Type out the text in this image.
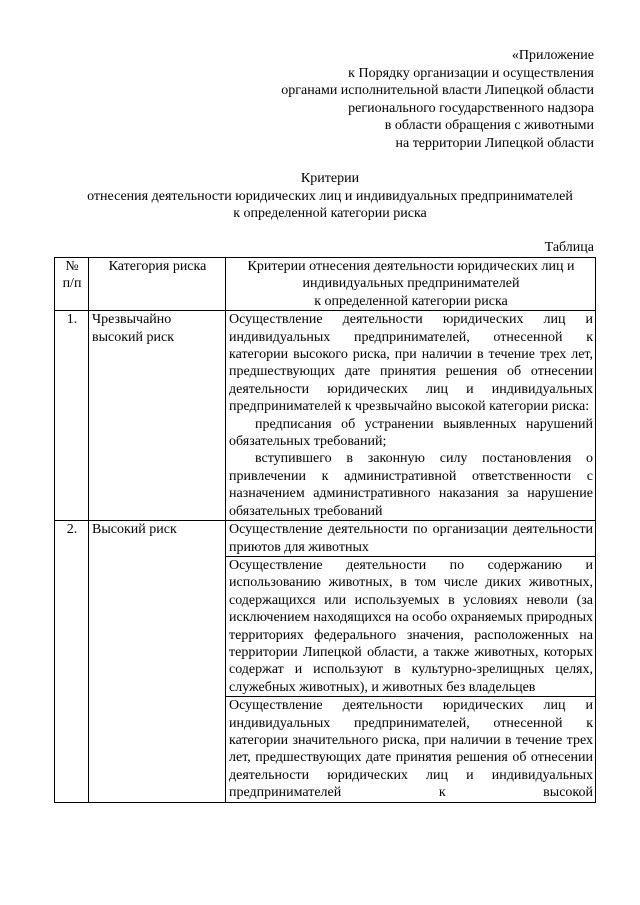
«Приложение
к Порядку организации и осуществления
органами исполнительной власти Липецкой области
регионального государственного надзора
в области обращения с животными
на территории Липецкой области
Критерии
отнесения деятельности юридических лиц и индивидуальных предпринимателей
к определенной категории риска
Таблица
№ п/п	Категория риска	Критерии отнесения деятельности юридических лиц и
индивидуальных предпринимателей
к определенной категории риска

1.	Чрезвычайно высокий риск	Осуществление деятельности юридических лиц и индивидуальных предпринимателей, отнесенной к категории высокого риска, при наличии в течение трех лет, предшествующих дате принятия решения об отнесении деятельности юридических лиц и индивидуальных предпринимателей к чрезвычайно высокой категории риска:
предписания об устранении выявленных нарушений обязательных требований;
вступившего в законную силу постановления о привлечении к административной ответственности с назначением административного наказания за нарушение обязательных требований

2.	Высокий риск	Осуществление деятельности по организации деятельности приютов для животных

		Осуществление деятельности по содержанию и использованию животных, в том числе диких животных, содержащихся или используемых в условиях неволи (за исключением находящихся на особо охраняемых природных территориях федерального значения, расположенных на территории Липецкой области, а также животных, которых содержат и используют в культурно-зрелищных целях, служебных животных), и животных без владельцев

		Осуществление деятельности юридических лиц и индивидуальных предпринимателей, отнесенной к категории значительного риска, при наличии в течение трех лет, предшествующих дате принятия решения об отнесении деятельности юридических лиц и индивидуальных предпринимателей к высокой
